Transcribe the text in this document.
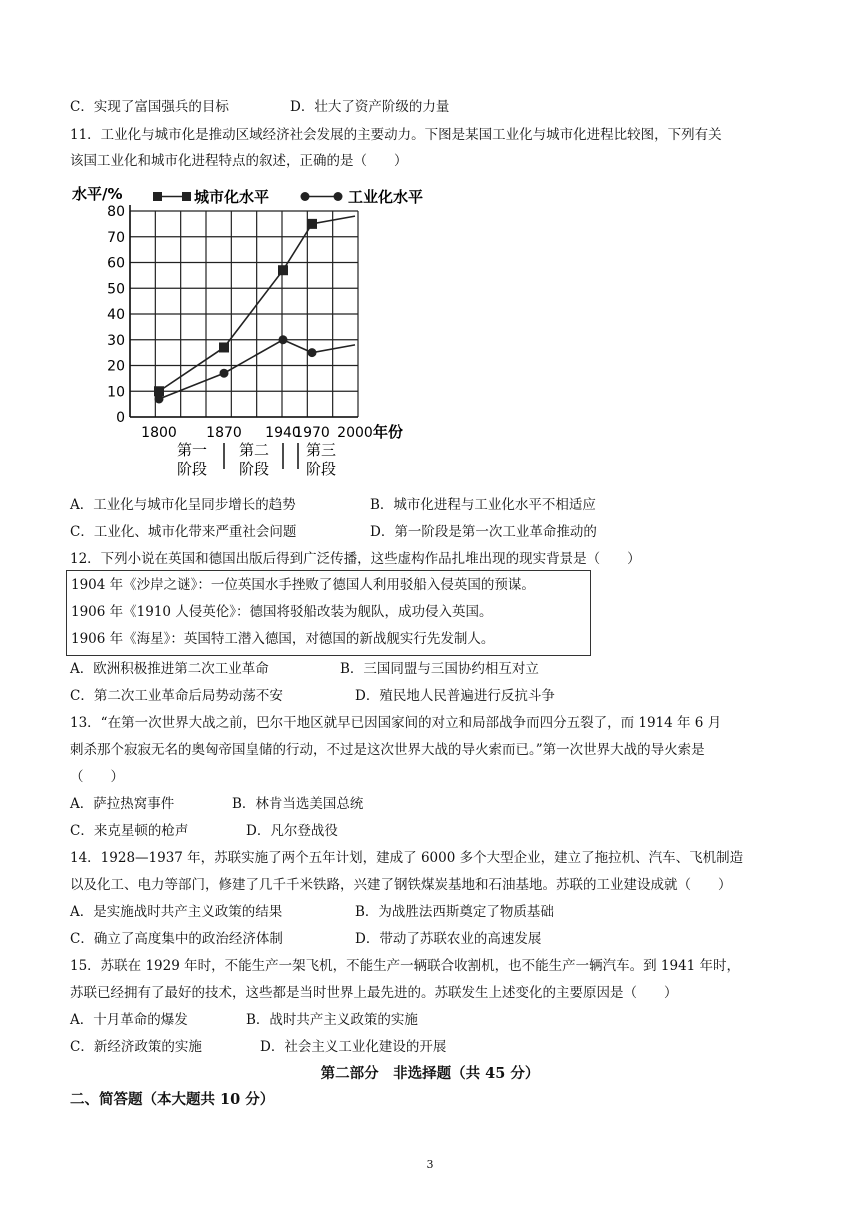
C．实现了富国强兵的目标	D．壮大了资产阶级的力量
11．工业化与城市化是推动区域经济社会发展的主要动力。下图是某国工业化与城市化进程比较图，下列有关
该国工业化和城市化进程特点的叙述，正确的是（　　）
城市化水平	工业化水平
水平/%
80
70
60
50
40
30
20
10
0
1800 1870 1940
1970 2000 年份
第一
阶段
第二
阶段
第三
阶段
A．工业化与城市化呈同步增长的趋势	B．城市化进程与工业化水平不相适应
C．工业化、城市化带来严重社会问题	D．第一阶段是第一次工业革命推动的
12．下列小说在英国和德国出版后得到广泛传播，这些虚构作品扎堆出现的现实背景是（　　）
1904 年《沙岸之谜》：一位英国水手挫败了德国人利用驳船入侵英国的预谋。
1906 年《1910 人侵英伦》：德国将驳船改装为舰队，成功侵入英国。
1906 年《海星》：英国特工潜入德国，对德国的新战舰实行先发制人。
A．欧洲积极推进第二次工业革命	B．三国同盟与三国协约相互对立
C．第二次工业革命后局势动荡不安	D．殖民地人民普遍进行反抗斗争
13．“在第一次世界大战之前，巴尔干地区就早已因国家间的对立和局部战争而四分五裂了，而 1914 年 6 月
刺杀那个寂寂无名的奥匈帝国皇储的行动，不过是这次世界大战的导火索而已。”第一次世界大战的导火索是
（　　）
A．萨拉热窝事件	B．林肯当选美国总统
C．来克星顿的枪声	D．凡尔登战役
14．1928—1937 年，苏联实施了两个五年计划，建成了 6000 多个大型企业，建立了拖拉机、汽车、飞机制造
以及化工、电力等部门，修建了几千千米铁路，兴建了钢铁煤炭基地和石油基地。苏联的工业建设成就（　　）
A．是实施战时共产主义政策的结果	B．为战胜法西斯奠定了物质基础
C．确立了高度集中的政治经济体制	D．带动了苏联农业的高速发展
15．苏联在 1929 年时，不能生产一架飞机，不能生产一辆联合收割机，也不能生产一辆汽车。到 1941 年时，
苏联已经拥有了最好的技术，这些都是当时世界上最先进的。苏联发生上述变化的主要原因是（　　）
A．十月革命的爆发	B．战时共产主义政策的实施
C．新经济政策的实施	D．社会主义工业化建设的开展
第二部分　非选择题（共 45 分）
二、简答题（本大题共 10 分）
3
